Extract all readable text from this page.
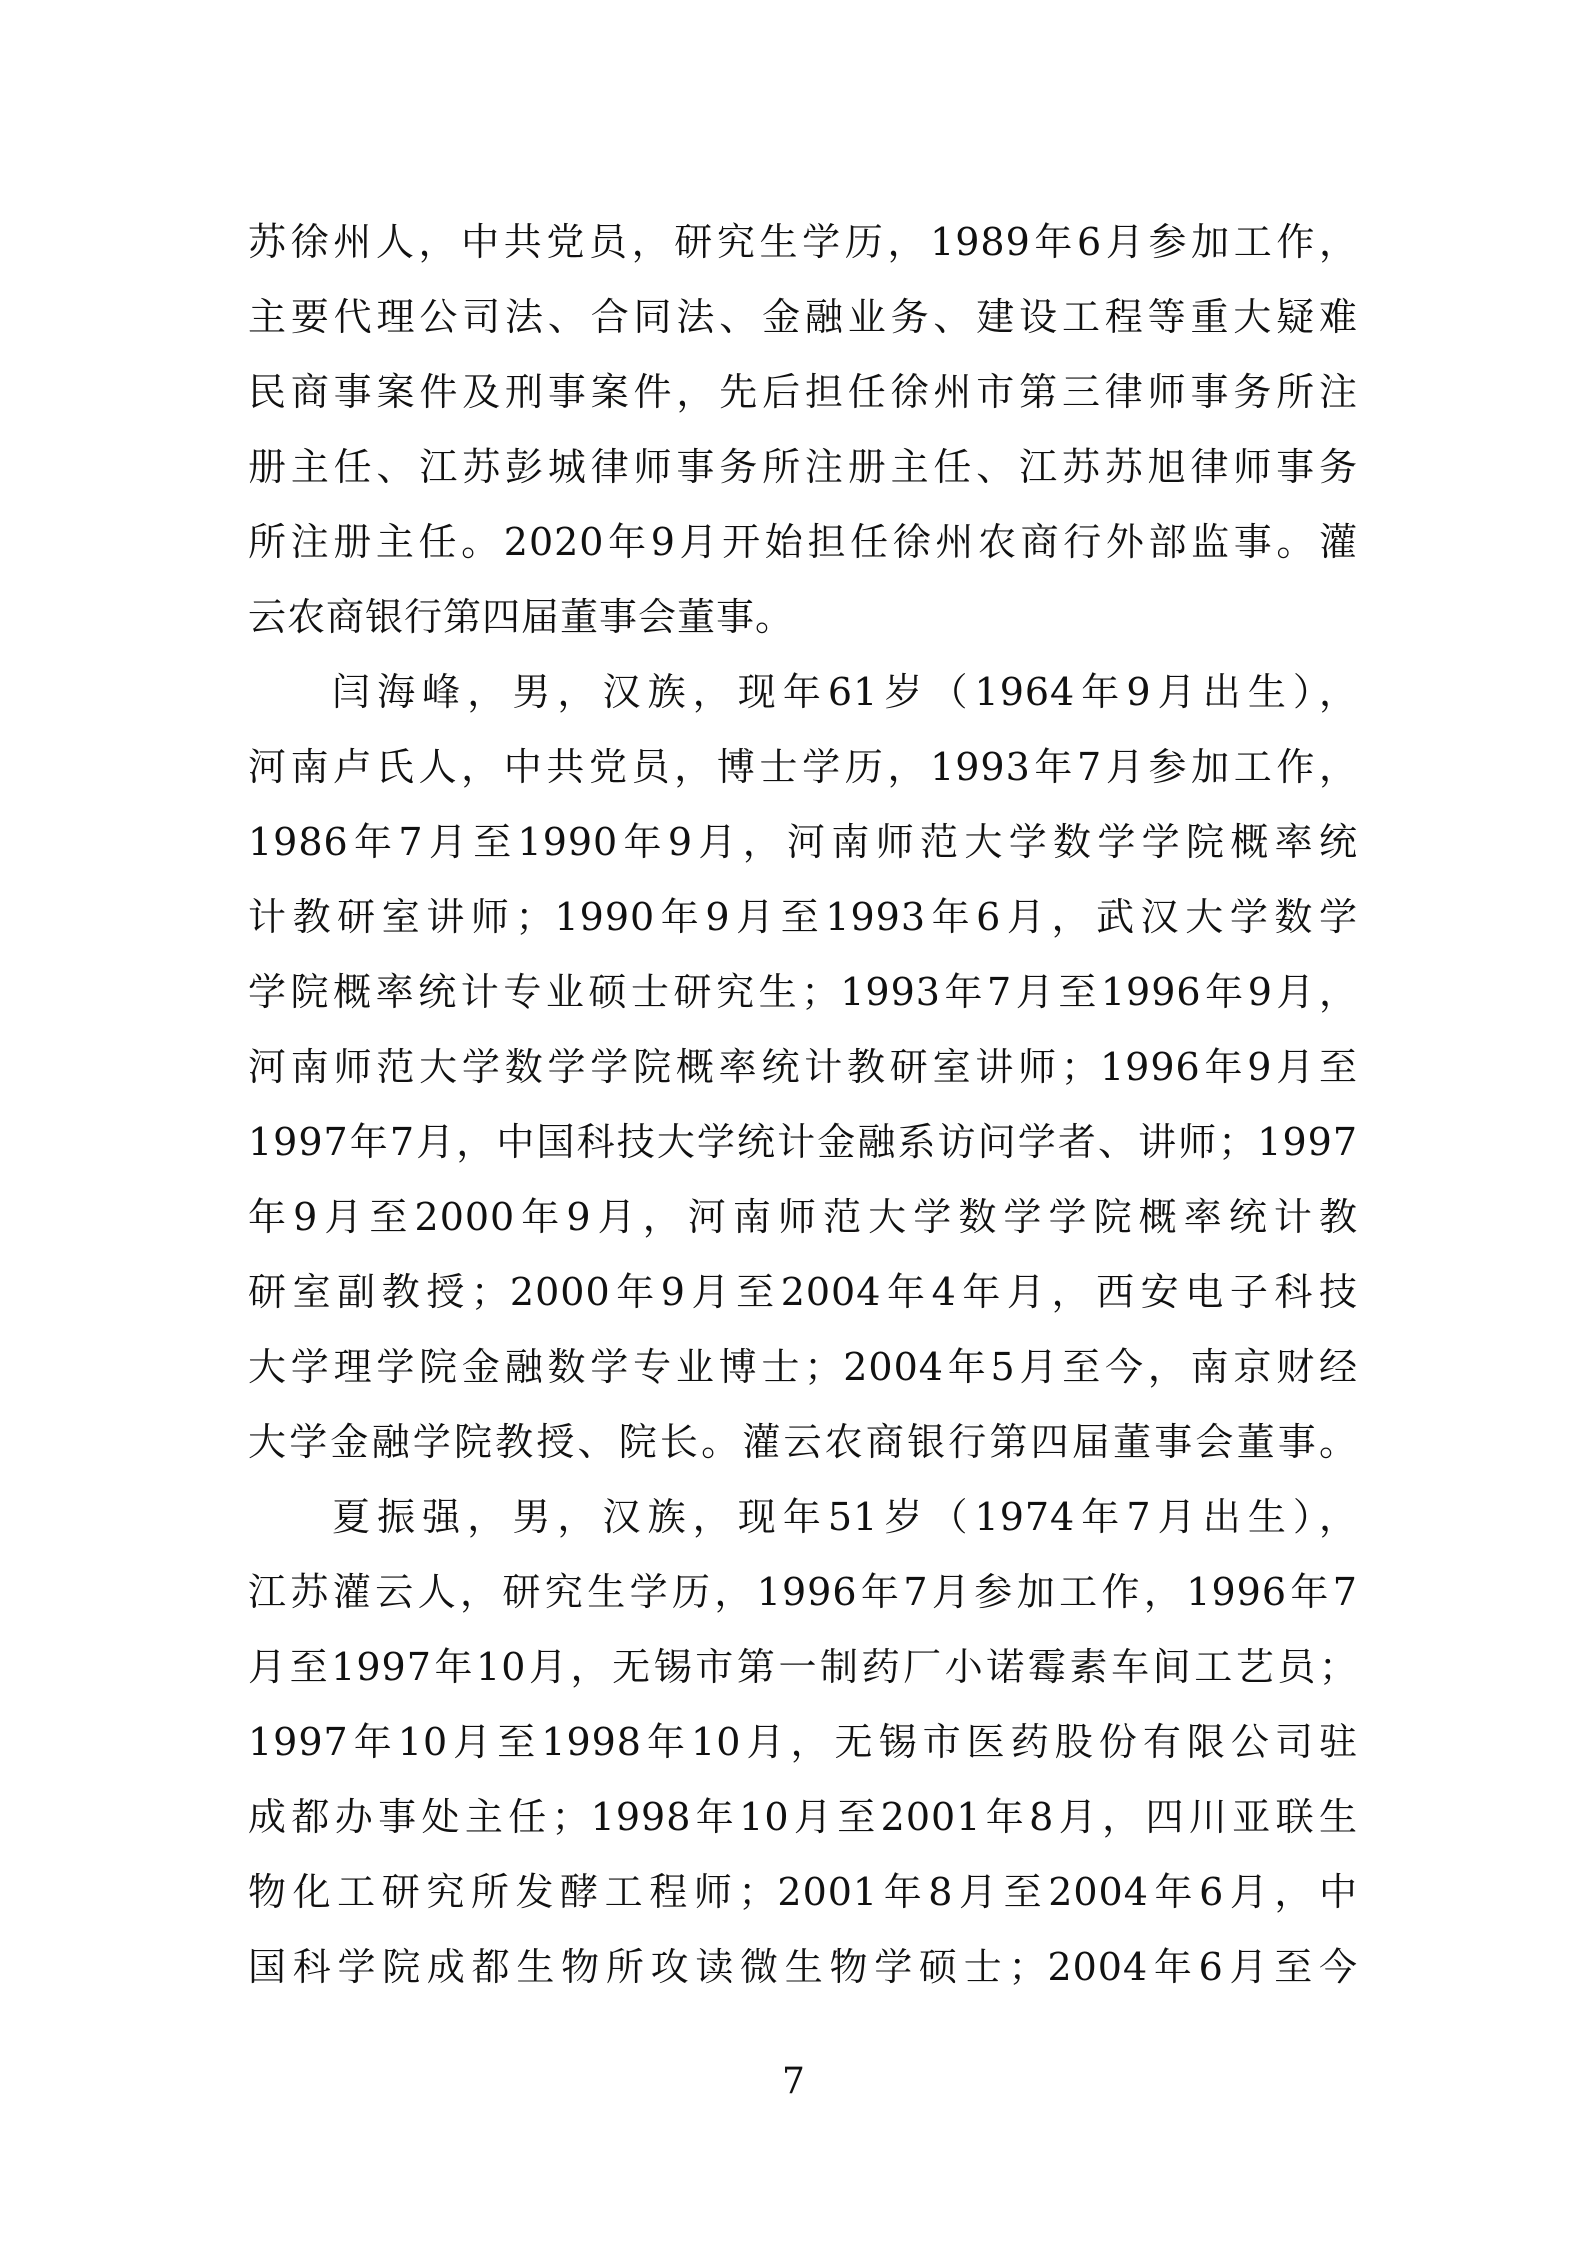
苏徐州人，中共党员，研究生学历，1989年6月参加工作，
主要代理公司法、合同法、金融业务、建设工程等重大疑难
民商事案件及刑事案件，先后担任徐州市第三律师事务所注
册主任、江苏彭城律师事务所注册主任、江苏苏旭律师事务
所注册主任。2020年9月开始担任徐州农商行外部监事。灌
云农商银行第四届董事会董事。
闫海峰，男，汉族，现年61岁（1964年9月出生），
河南卢氏人，中共党员，博士学历，1993年7月参加工作，
1986年7月至1990年9月，河南师范大学数学学院概率统
计教研室讲师；1990年9月至1993年6月，武汉大学数学
学院概率统计专业硕士研究生；1993年7月至1996年9月，
河南师范大学数学学院概率统计教研室讲师；1996年9月至
1997年7月，中国科技大学统计金融系访问学者、讲师；1997
年9月至2000年9月，河南师范大学数学学院概率统计教
研室副教授；2000年9月至2004年4年月，西安电子科技
大学理学院金融数学专业博士；2004年5月至今，南京财经
大学金融学院教授、院长。灌云农商银行第四届董事会董事。
夏振强，男，汉族，现年51岁（1974年7月出生），
江苏灌云人，研究生学历，1996年7月参加工作，1996年7
月至1997年10月，无锡市第一制药厂小诺霉素车间工艺员；
1997年10月至1998年10月，无锡市医药股份有限公司驻
成都办事处主任；1998年10月至2001年8月，四川亚联生
物化工研究所发酵工程师；2001年8月至2004年6月，中
国科学院成都生物所攻读微生物学硕士；2004年6月至今
7
